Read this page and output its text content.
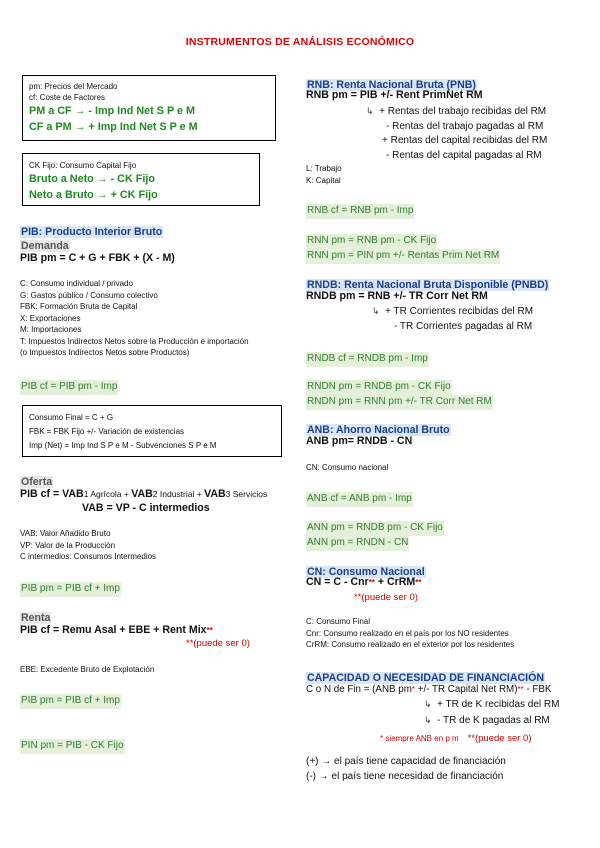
INSTRUMENTOS DE ANÁLISIS ECONÓMICO
pm: Precios del Mercado
cf: Coste de Factores
PM a CF → - Imp Ind Net S P e M
CF a PM → + Imp Ind Net S P e M
CK Fijo: Consumo Capital Fijo
Bruto a Neto → - CK Fijo
Neto a Bruto → + CK Fijo
PIB: Producto Interior Bruto
Demanda
PIB pm = C + G + FBK + (X - M)
C: Consumo individual / privado
G: Gastos público / Consumo colectivo
FBK: Formación Bruta de Capital
X: Exportaciones
M: Importaciones
T: Impuestos Indirectos Netos sobre la Producción e importación
(o Impuestos Indirectos Netos sobre Productos)
PIB cf = PIB pm - Imp
Consumo Final = C + G
FBK = FBK Fijo +/- Variación de existencias
Imp (Net) = Imp Ind S P e M - Subvenciones S P e M
Oferta
PIB cf = VAB1 Agrícola + VAB2 Industrial + VAB3 Servicios
VAB = VP - C intermedios
VAB: Valor Añadido Bruto
VP: Valor de la Producción
C intermedios: Consumos Intermedios
PIB pm = PIB cf + Imp
Renta
PIB cf = Remu Asal + EBE + Rent Mix**
**(puede ser 0)
EBE: Excedente Bruto de Explotación
PIB pm = PIB cf + Imp
PIN pm = PIB - CK Fijo
RNB: Renta Nacional Bruta (PNB)
RNB pm = PIB +/- Rent PrimNet RM
↳ + Rentas del trabajo recibidas del RM
- Rentas del trabajo pagadas al RM
+ Rentas del capital recibidas del RM
- Rentas del capital pagadas al RM
L: Trabajo
K: Capital
RNB cf = RNB pm - Imp
RNN pm = RNB pm - CK Fijo
RNN pm = PIN pm +/- Rentas Prim Net RM
RNDB: Renta Nacional Bruta Disponible (PNBD)
RNDB pm = RNB +/- TR Corr Net RM
↳ + TR Corrientes recibidas del RM
- TR Corrientes pagadas al RM
RNDB cf = RNDB pm - Imp
RNDN pm = RNDB pm - CK Fijo
RNDN pm = RNN pm +/- TR Corr Net RM
ANB: Ahorro Nacional Bruto
ANB pm= RNDB - CN
CN: Consumo nacional
ANB cf = ANB pm - Imp
ANN pm = RNDB pm - CK Fijo
ANN pm = RNDN - CN
CN: Consumo Nacional
CN = C - Cnr** + CrRM**
**(puede ser 0)
C: Consumo Final
Cnr: Consumo realizado en el país por los NO residentes
CrRM: Consumo realizado en el exterior por los residentes
CAPACIDAD O NECESIDAD DE FINANCIACIÓN
C o N de Fin = (ANB pm* +/- TR Capital Net RM)** - FBK
↳ + TR de K recibidas del RM
↳ - TR de K pagadas al RM
* siempre ANB en p m **(puede ser 0)
(+) → el país tiene capacidad de financiación
(-) → el país tiene necesidad de financiación
